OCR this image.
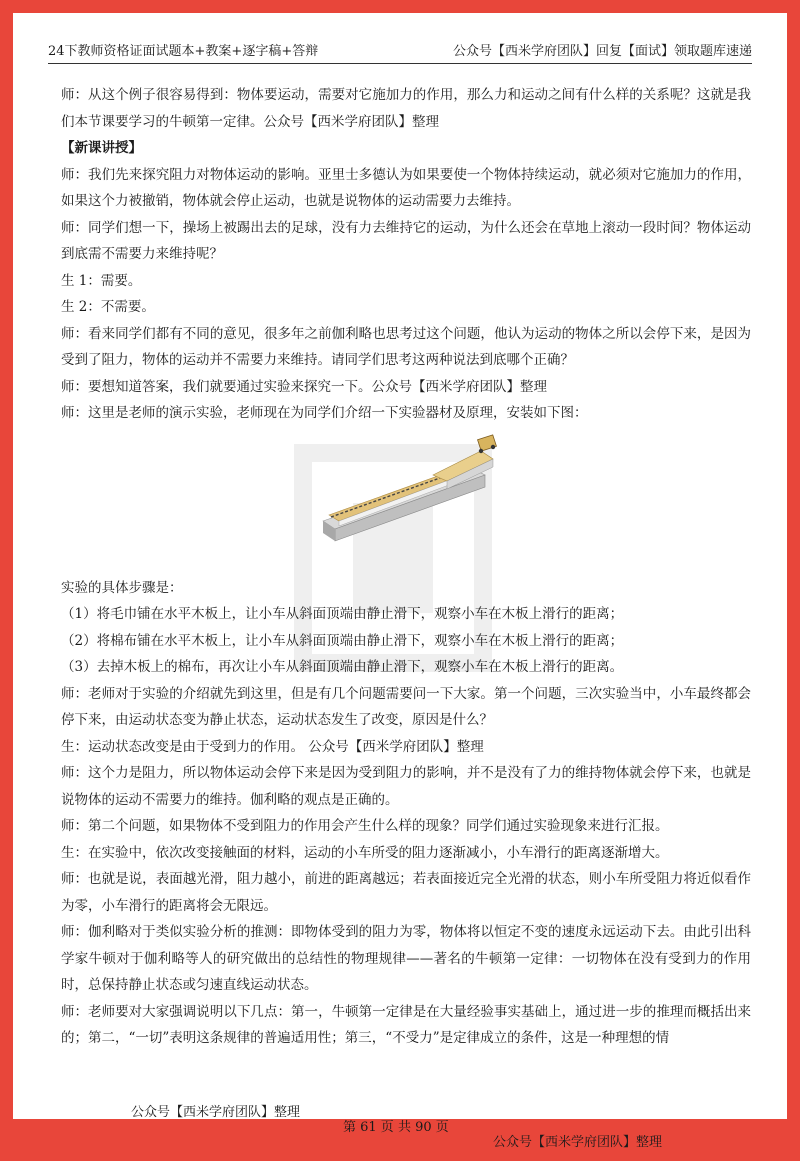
24下教师资格证面试题本+教案+逐字稿+答辩	公众号【西米学府团队】回复【面试】领取题库速递

师：从这个例子很容易得到：物体要运动，需要对它施加力的作用，那么力和运动之间有什么样的关系呢？这就是我们本节课要学习的牛顿第一定律。公众号【西米学府团队】整理

【新课讲授】

师：我们先来探究阻力对物体运动的影响。亚里士多德认为如果要使一个物体持续运动，就必须对它施加力的作用，如果这个力被撤销，物体就会停止运动，也就是说物体的运动需要力去维持。

师：同学们想一下，操场上被踢出去的足球，没有力去维持它的运动，为什么还会在草地上滚动一段时间？物体运动到底需不需要力来维持呢？

生 1：需要。

生 2：不需要。

师：看来同学们都有不同的意见，很多年之前伽利略也思考过这个问题，他认为运动的物体之所以会停下来，是因为受到了阻力，物体的运动并不需要力来维持。请同学们思考这两种说法到底哪个正确？

师：要想知道答案，我们就要通过实验来探究一下。公众号【西米学府团队】整理

师：这里是老师的演示实验，老师现在为同学们介绍一下实验器材及原理，安装如下图：

实验的具体步骤是：

（1）将毛巾铺在水平木板上，让小车从斜面顶端由静止滑下，观察小车在木板上滑行的距离；

（2）将棉布铺在水平木板上，让小车从斜面顶端由静止滑下，观察小车在木板上滑行的距离；

（3）去掉木板上的棉布，再次让小车从斜面顶端由静止滑下，观察小车在木板上滑行的距离。

师：老师对于实验的介绍就先到这里，但是有几个问题需要问一下大家。第一个问题，三次实验当中，小车最终都会停下来，由运动状态变为静止状态，运动状态发生了改变，原因是什么？

生：运动状态改变是由于受到力的作用。 公众号【西米学府团队】整理

师：这个力是阻力，所以物体运动会停下来是因为受到阻力的影响，并不是没有了力的维持物体就会停下来，也就是说物体的运动不需要力的维持。伽利略的观点是正确的。

师：第二个问题，如果物体不受到阻力的作用会产生什么样的现象？同学们通过实验现象来进行汇报。

生：在实验中，依次改变接触面的材料，运动的小车所受的阻力逐渐减小，小车滑行的距离逐渐增大。

师：也就是说，表面越光滑，阻力越小，前进的距离越远；若表面接近完全光滑的状态，则小车所受阻力将近似看作为零，小车滑行的距离将会无限远。

师：伽利略对于类似实验分析的推测：即物体受到的阻力为零，物体将以恒定不变的速度永远运动下去。由此引出科学家牛顿对于伽利略等人的研究做出的总结性的物理规律——著名的牛顿第一定律：一切物体在没有受到力的作用时，总保持静止状态或匀速直线运动状态。

师：老师要对大家强调说明以下几点：第一，牛顿第一定律是在大量经验事实基础上，通过进一步的推理而概括出来的；第二，“一切”表明这条规律的普遍适用性；第三，“不受力”是定律成立的条件，这是一种理想的情

公众号【西米学府团队】整理

第 61 页 共 90 页

公众号【西米学府团队】整理
